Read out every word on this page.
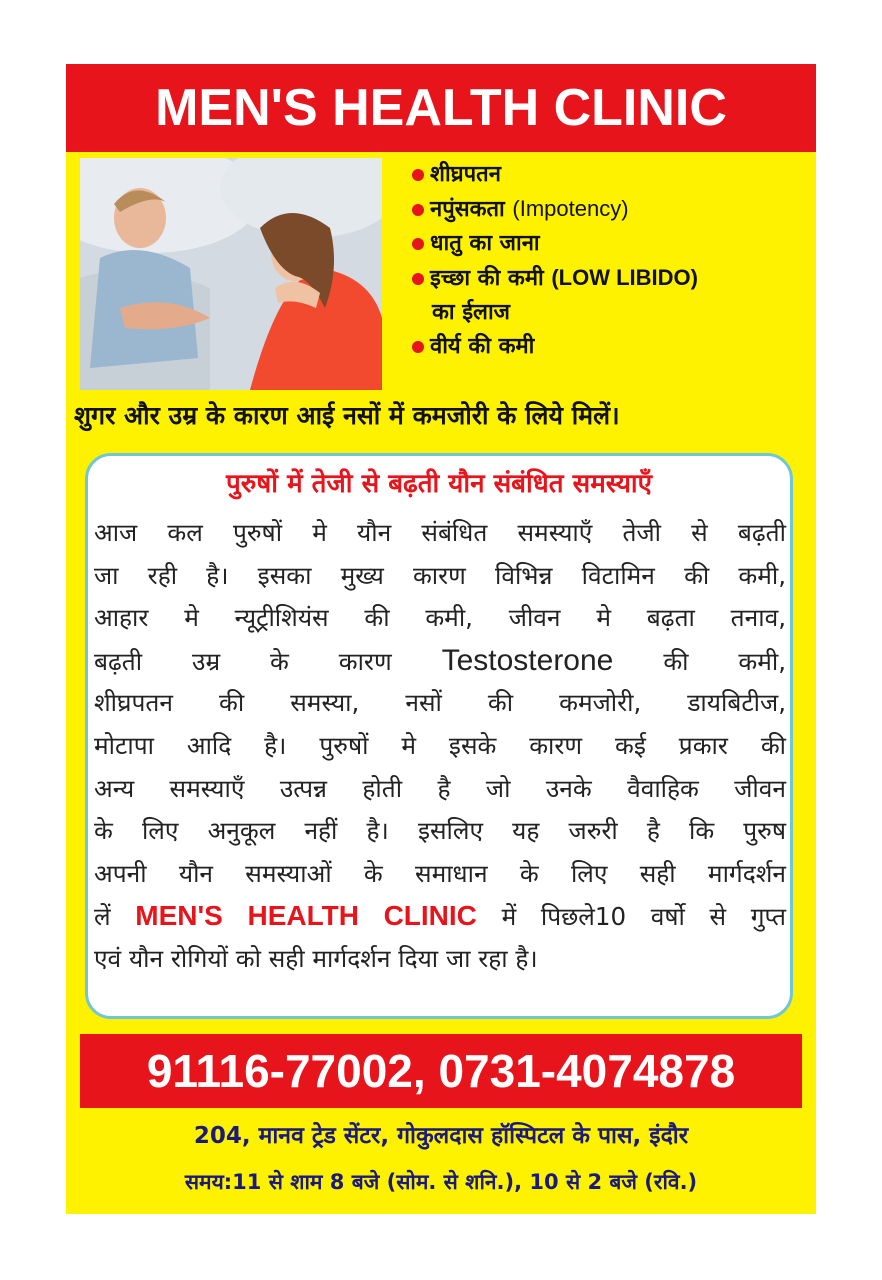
MEN'S HEALTH CLINIC
शीघ्रपतन
नपुंसकता (Impotency)
धातु का जाना
इच्छा की कमी (LOW LIBIDO)
का ईलाज
वीर्य की कमी
शुगर और उम्र के कारण आई नसों में कमजोरी के लिये मिलें।
पुरुषों में तेजी से बढ़ती यौन संबंधित समस्याएँ
आज कल पुरुषों मे यौन संबंधित समस्याएँ तेजी से बढ़ती
जा रही है। इसका मुख्य कारण विभिन्न विटामिन की कमी,
आहार मे न्यूट्रीशियंस की कमी, जीवन मे बढ़ता तनाव,
बढ़ती उम्र के कारण Testosterone की कमी,
शीघ्रपतन की समस्या, नसों की कमजोरी, डायबिटीज,
मोटापा आदि है। पुरुषों मे इसके कारण कई प्रकार की
अन्य समस्याएँ उत्पन्न होती है जो उनके वैवाहिक जीवन
के लिए अनुकूल नहीं है। इसलिए यह जरुरी है कि पुरुष
अपनी यौन समस्याओं के समाधान के लिए सही मार्गदर्शन
लें MEN'S HEALTH CLINIC में पिछले10 वर्षो से गुप्त
एवं यौन रोगियों को सही मार्गदर्शन दिया जा रहा है।
91116-77002, 0731-4074878
204, मानव ट्रेड सेंटर, गोकुलदास हॉस्पिटल के पास, इंदौर
समय:11 से शाम 8 बजे (सोम. से शनि.), 10 से 2 बजे (रवि.)
